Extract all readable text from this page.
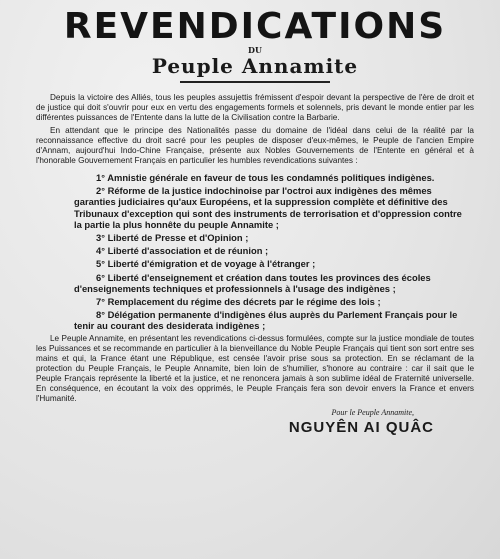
REVENDICATIONS
DU
Peuple Annamite

Depuis la victoire des Alliés, tous les peuples assujettis frémissent d'espoir devant la perspective de l'ère de droit et de justice qui doit s'ouvrir pour eux en vertu des engagements formels et solennels, pris devant le monde entier par les différentes puissances de l'Entente dans la lutte de la Civilisation contre la Barbarie.

En attendant que le principe des Nationalités passe du domaine de l'idéal dans celui de la réalité par la reconnaissance effective du droit sacré pour les peuples de disposer d'eux-mêmes, le Peuple de l'ancien Empire d'Annam, aujourd'hui Indo-Chine Française, présente aux Nobles Gouvernements de l'Entente en général et à l'honorable Gouvernement Français en particulier les humbles revendications suivantes :

1° Amnistie générale en faveur de tous les condamnés politiques indigènes.

2° Réforme de la justice indochinoise par l'octroi aux indigènes des mêmes garanties judiciaires qu'aux Européens, et la suppression complète et définitive des Tribunaux d'exception qui sont des instruments de terrorisation et d'oppression contre la partie la plus honnête du peuple Annamite ;

3° Liberté de Presse et d'Opinion ;

4° Liberté d'association et de réunion ;

5° Liberté d'émigration et de voyage à l'étranger ;

6° Liberté d'enseignement et création dans toutes les provinces des écoles d'enseignements techniques et professionnels à l'usage des indigènes ;

7° Remplacement du régime des décrets par le régime des lois ;

8° Délégation permanente d'indigènes élus auprès du Parlement Français pour le tenir au courant des desiderata indigènes ;

Le Peuple Annamite, en présentant les revendications ci-dessus formulées, compte sur la justice mondiale de toutes les Puissances et se recommande en particulier à la bienveillance du Noble Peuple Français qui tient son sort entre ses mains et qui, la France étant une République, est censée l'avoir prise sous sa protection. En se réclamant de la protection du Peuple Français, le Peuple Annamite, bien loin de s'humilier, s'honore au contraire : car il sait que le Peuple Français représente la liberté et la justice, et ne renoncera jamais à son sublime idéal de Fraternité universelle. En conséquence, en écoutant la voix des opprimés, le Peuple Français fera son devoir envers la France et envers l'Humanité.

Pour le Peuple Annamite,
NGUYÊN AI QUÂC
